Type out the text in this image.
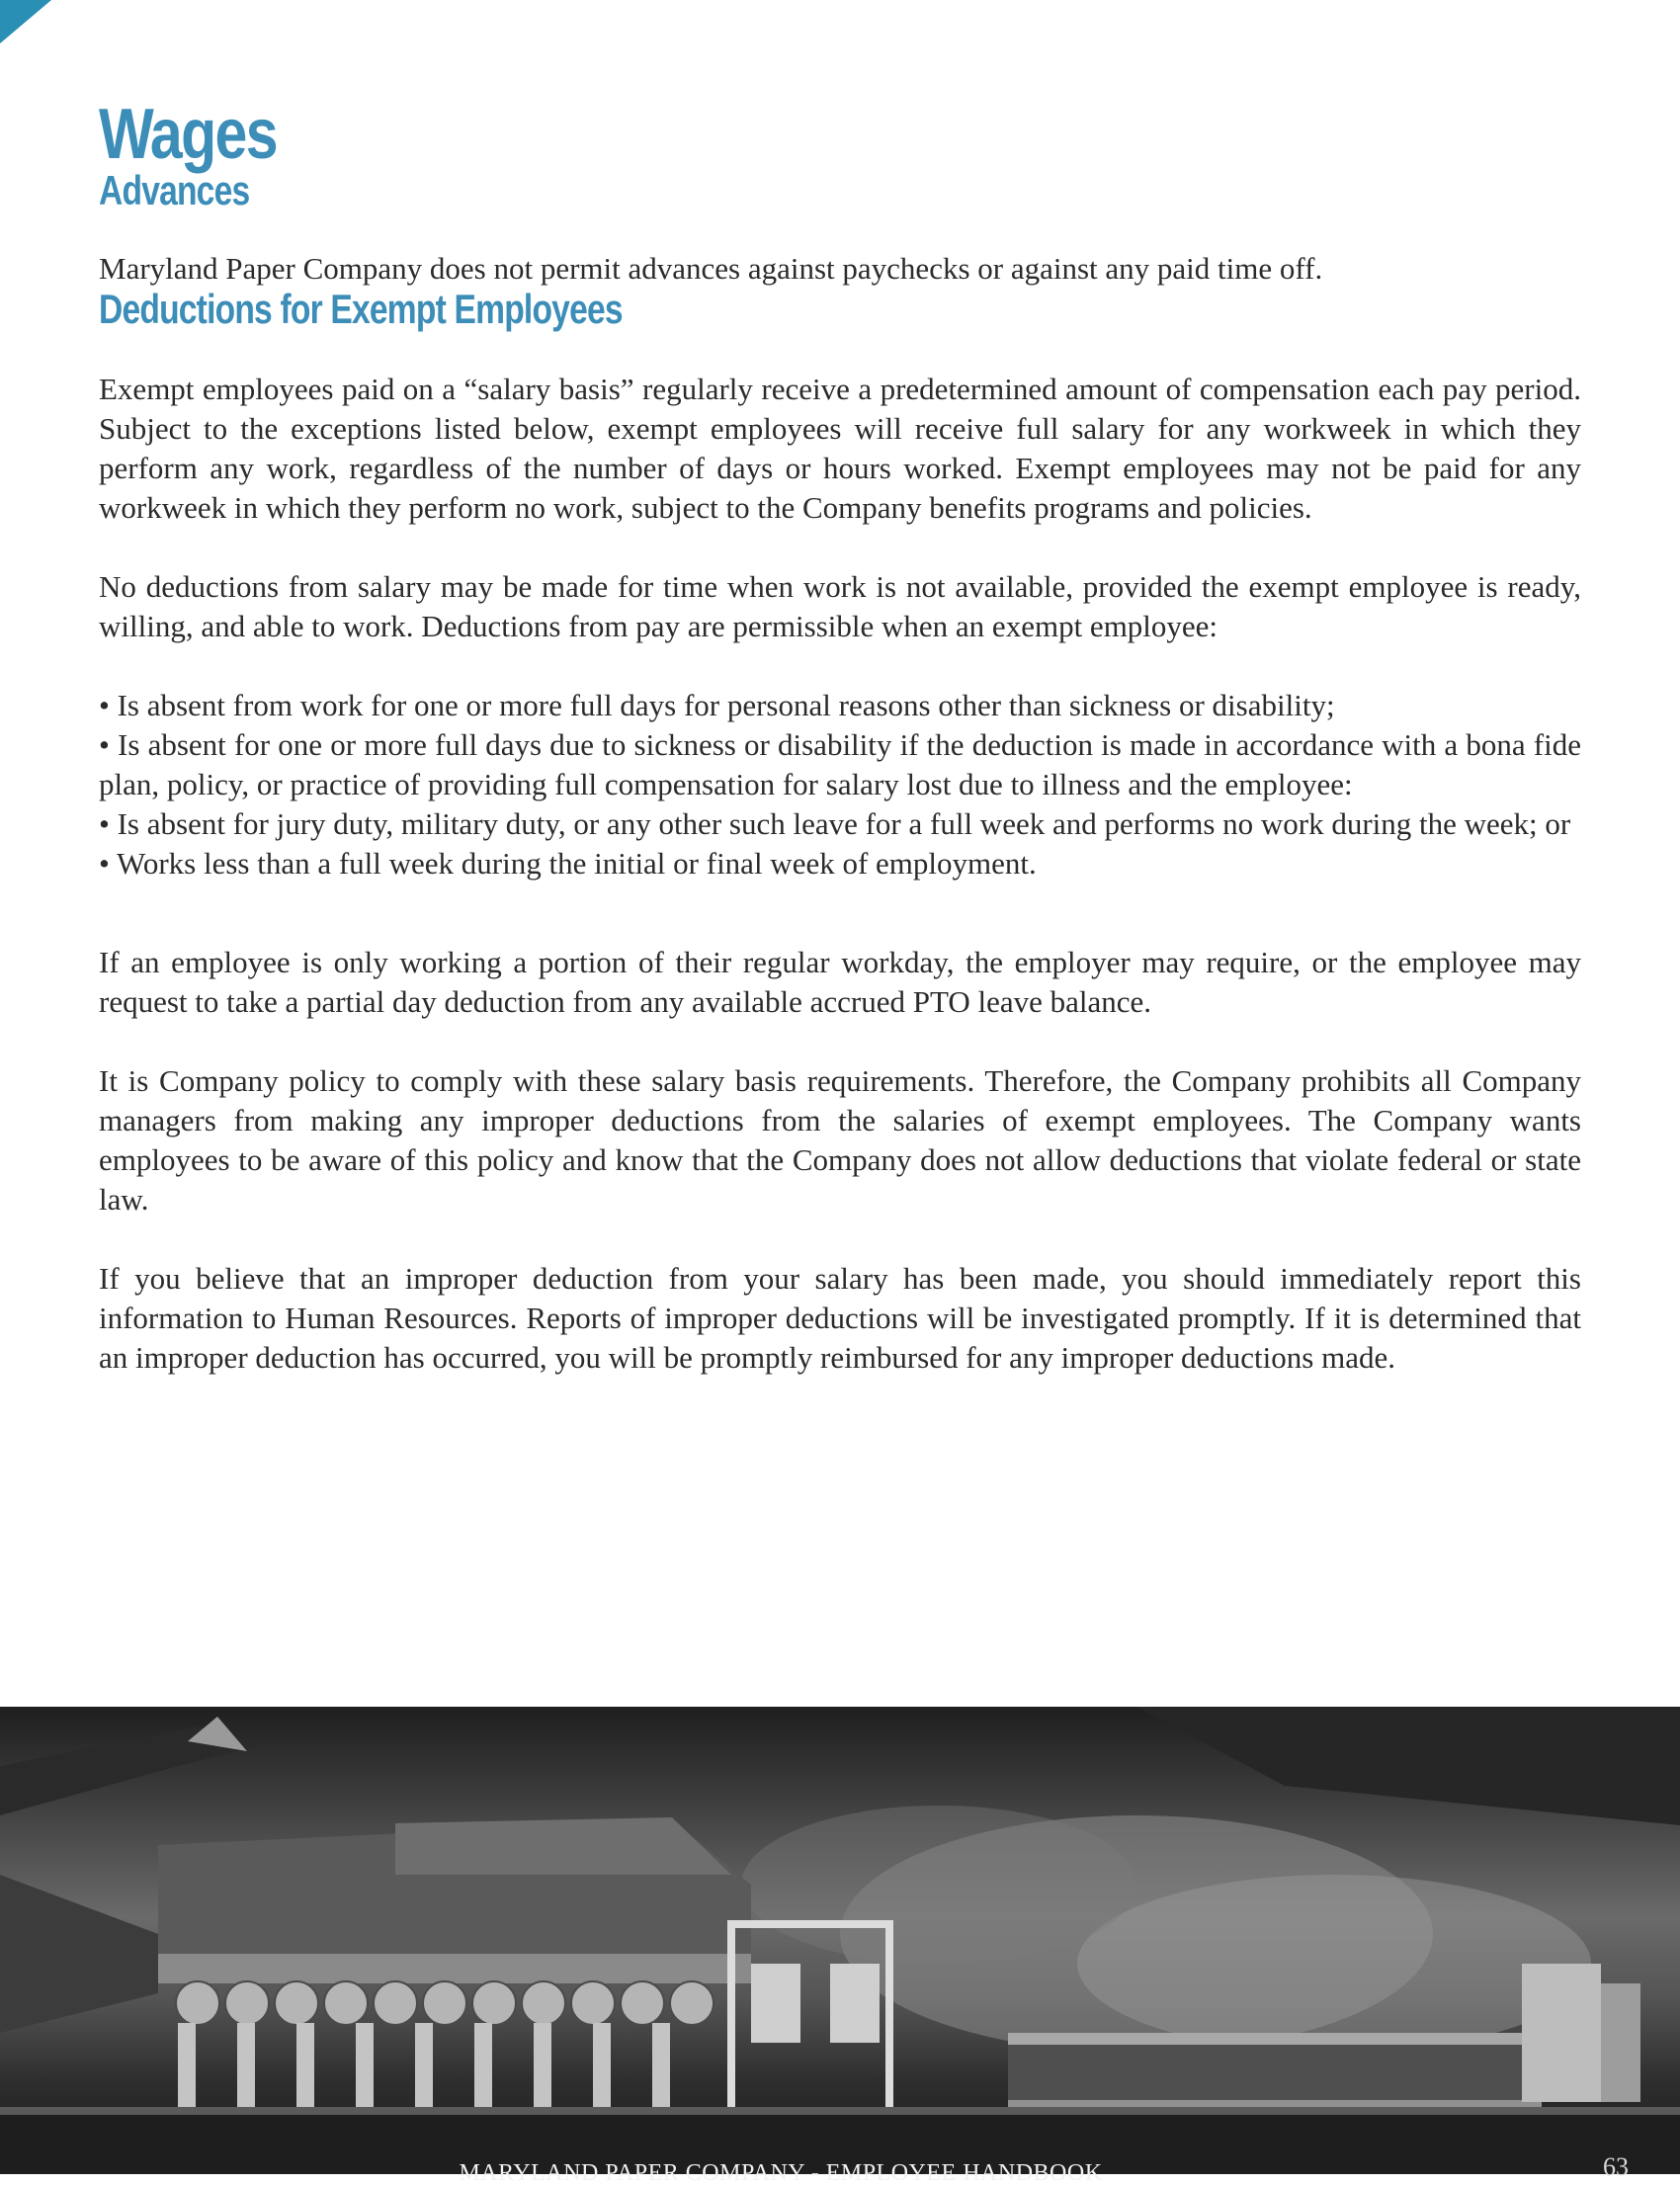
Wages
Advances

Maryland Paper Company does not permit advances against paychecks or against any paid time off.

Deductions for Exempt Employees

Exempt employees paid on a “salary basis” regularly receive a predetermined amount of compensation each pay period. Subject to the exceptions listed below, exempt employees will receive full salary for any workweek in which they perform any work, regardless of the number of days or hours worked. Exempt employees may not be paid for any workweek in which they perform no work, subject to the Company benefits programs and policies.

No deductions from salary may be made for time when work is not available, provided the exempt employee is ready, willing, and able to work. Deductions from pay are permissible when an exempt employee:

• Is absent from work for one or more full days for personal reasons other than sickness or disability;
• Is absent for one or more full days due to sickness or disability if the deduction is made in accordance with a bona fide plan, policy, or practice of providing full compensation for salary lost due to illness and the employee:
• Is absent for jury duty, military duty, or any other such leave for a full week and performs no work during the week; or
• Works less than a full week during the initial or final week of employment.

If an employee is only working a portion of their regular workday, the employer may require, or the employee may request to take a partial day deduction from any available accrued PTO leave balance.

It is Company policy to comply with these salary basis requirements. Therefore, the Company prohibits all Company managers from making any improper deductions from the salaries of exempt employees. The Company wants employees to be aware of this policy and know that the Company does not allow deductions that violate federal or state law.

If you believe that an improper deduction from your salary has been made, you should immediately report this information to Human Resources. Reports of improper deductions will be investigated promptly. If it is determined that an improper deduction has occurred, you will be promptly reimbursed for any improper deductions made.

MARYLAND PAPER COMPANY - EMPLOYEE HANDBOOK	63
